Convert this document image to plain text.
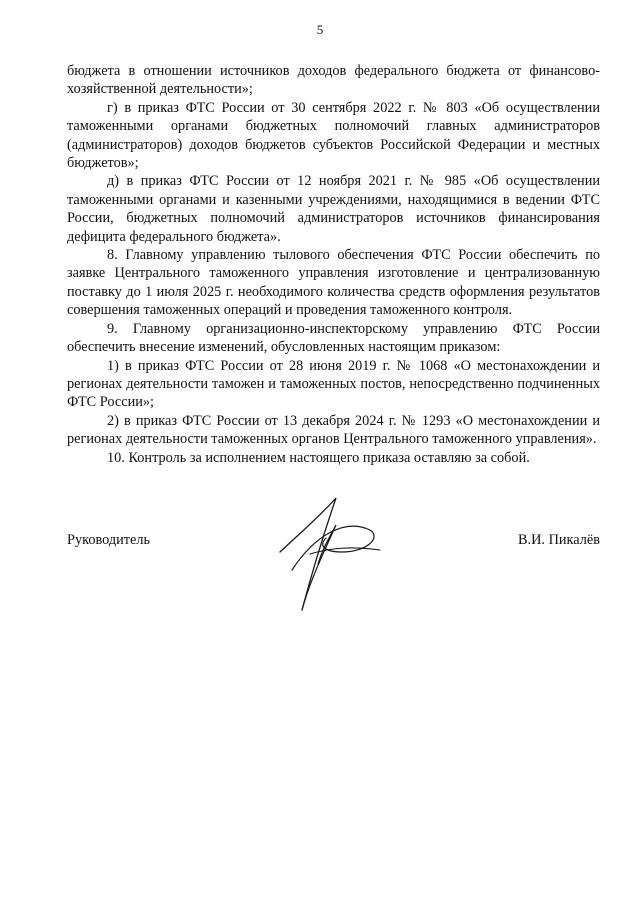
5

бюджета в отношении источников доходов федерального бюджета от финансово-хозяйственной деятельности»;

г) в приказ ФТС России от 30 сентября 2022 г. № 803 «Об осуществлении таможенными органами бюджетных полномочий главных администраторов (администраторов) доходов бюджетов субъектов Российской Федерации и местных бюджетов»;

д) в приказ ФТС России от 12 ноября 2021 г. № 985 «Об осуществлении таможенными органами и казенными учреждениями, находящимися в ведении ФТС России, бюджетных полномочий администраторов источников финансирования дефицита федерального бюджета».

8. Главному управлению тылового обеспечения ФТС России обеспечить по заявке Центрального таможенного управления изготовление и централизованную поставку до 1 июля 2025 г. необходимого количества средств оформления результатов совершения таможенных операций и проведения таможенного контроля.

9. Главному организационно-инспекторскому управлению ФТС России обеспечить внесение изменений, обусловленных настоящим приказом:

1) в приказ ФТС России от 28 июня 2019 г. № 1068 «О местонахождении и регионах деятельности таможен и таможенных постов, непосредственно подчиненных ФТС России»;

2) в приказ ФТС России от 13 декабря 2024 г. № 1293 «О местонахождении и регионах деятельности таможенных органов Центрального таможенного управления».

10. Контроль за исполнением настоящего приказа оставляю за собой.

Руководитель	В.И. Пикалёв
